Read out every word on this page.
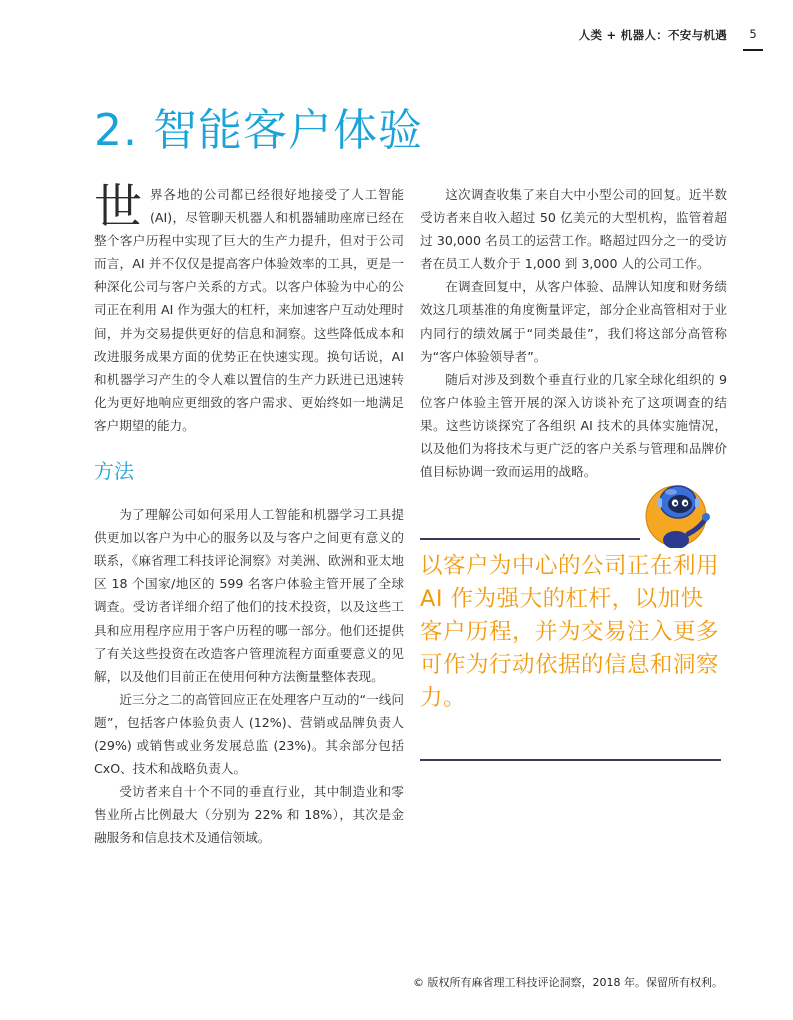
人类 + 机器人：不安与机遇	5
2. 智能客户体验

世界各地的公司都已经很好地接受了人工智能(AI)，尽管聊天机器人和机器辅助座席已经在整个客户历程中实现了巨大的生产力提升，但对于公司而言，AI 并不仅仅是提高客户体验效率的工具，更是一种深化公司与客户关系的方式。以客户体验为中心的公司正在利用 AI 作为强大的杠杆，来加速客户互动处理时间，并为交易提供更好的信息和洞察。这些降低成本和改进服务成果方面的优势正在快速实现。换句话说，AI 和机器学习产生的令人难以置信的生产力跃进已迅速转化为更好地响应更细致的客户需求、更始终如一地满足客户期望的能力。

方法

为了理解公司如何采用人工智能和机器学习工具提供更加以客户为中心的服务以及与客户之间更有意义的联系，《麻省理工科技评论洞察》对美洲、欧洲和亚太地区 18 个国家/地区的 599 名客户体验主管开展了全球调查。受访者详细介绍了他们的技术投资，以及这些工具和应用程序应用于客户历程的哪一部分。他们还提供了有关这些投资在改造客户管理流程方面重要意义的见解，以及他们目前正在使用何种方法衡量整体表现。

近三分之二的高管回应正在处理客户互动的“一线问题”，包括客户体验负责人 (12%)、营销或品牌负责人 (29%) 或销售或业务发展总监 (23%)。其余部分包括 CxO、技术和战略负责人。

受访者来自十个不同的垂直行业，其中制造业和零售业所占比例最大（分别为 22% 和 18%），其次是金融服务和信息技术及通信领域。

这次调查收集了来自大中小型公司的回复。近半数受访者来自收入超过 50 亿美元的大型机构，监管着超过 30,000 名员工的运营工作。略超过四分之一的受访者在员工人数介于 1,000 到 3,000 人的公司工作。

在调查回复中，从客户体验、品牌认知度和财务绩效这几项基准的角度衡量评定，部分企业高管相对于业内同行的绩效属于“同类最佳”，我们将这部分高管称为“客户体验领导者”。

随后对涉及到数个垂直行业的几家全球化组织的 9 位客户体验主管开展的深入访谈补充了这项调查的结果。这些访谈探究了各组织 AI 技术的具体实施情况，以及他们为将技术与更广泛的客户关系与管理和品牌价值目标协调一致而运用的战略。

以客户为中心的公司正在利用 AI 作为强大的杠杆，以加快客户历程，并为交易注入更多可作为行动依据的信息和洞察力。
© 版权所有麻省理工科技评论洞察，2018 年。保留所有权利。
